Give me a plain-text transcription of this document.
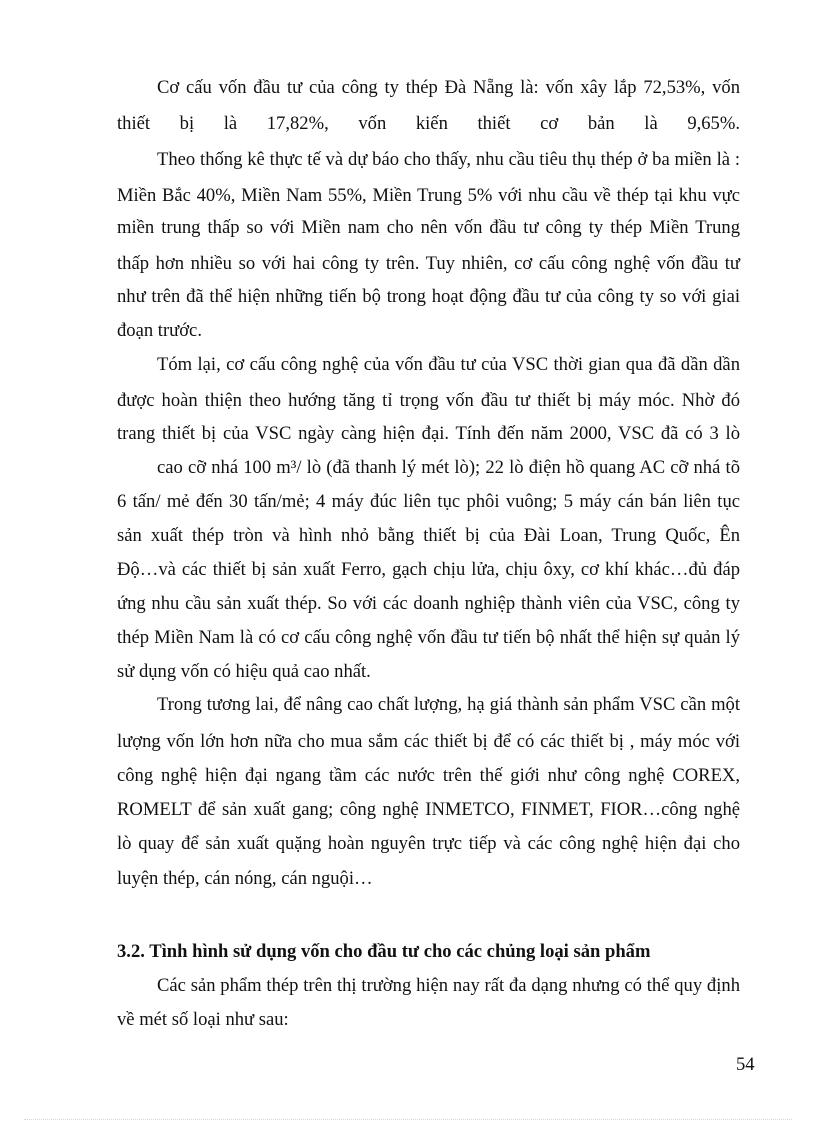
Cơ cấu vốn đầu tư của công ty thép Đà Nẵng là: vốn xây lắp 72,53%, vốn
thiết bị là 17,82%, vốn kiến thiết cơ bản là 9,65%.
Theo thống kê thực tế và dự báo cho thấy, nhu cầu tiêu thụ thép ở ba miền là :
Miền Bắc 40%, Miền Nam 55%, Miền Trung 5% với nhu cầu về thép tại khu vực
miền trung thấp so với Miền nam cho nên vốn đầu tư công ty thép Miền Trung
thấp hơn nhiều so với hai công ty trên. Tuy nhiên, cơ cấu công nghệ vốn đầu tư
như trên đã thể hiện những tiến bộ trong hoạt động đầu tư của công ty so với giai
đoạn trước.
Tóm lại, cơ cấu công nghệ của vốn đầu tư của VSC thời gian qua đã dần dần
được hoàn thiện theo hướng tăng tỉ trọng vốn đầu tư thiết bị máy móc. Nhờ đó
trang thiết bị của VSC ngày càng hiện đại. Tính đến năm 2000, VSC đã có 3 lò
cao cỡ nhá 100 m³/ lò (đã thanh lý mét lò); 22 lò điện hồ quang AC cỡ nhá tõ
6 tấn/ mẻ đến 30 tấn/mẻ; 4 máy đúc liên tục phôi vuông; 5 máy cán bán liên tục
sản xuất thép tròn và hình nhỏ bằng thiết bị của Đài Loan, Trung Quốc, Ên
Độ…và các thiết bị sản xuất Ferro, gạch chịu lửa, chịu ôxy, cơ khí khác…đủ đáp
ứng nhu cầu sản xuất thép. So với các doanh nghiệp thành viên của VSC, công ty
thép Miền Nam là có cơ cấu công nghệ vốn đầu tư tiến bộ nhất thể hiện sự quản lý
sử dụng vốn có hiệu quả cao nhất.
Trong tương lai, để nâng cao chất lượng, hạ giá thành sản phẩm VSC cần một
lượng vốn lớn hơn nữa cho mua sắm các thiết bị để có các thiết bị , máy móc với
công nghệ hiện đại ngang tầm các nước trên thế giới như công nghệ COREX,
ROMELT để sản xuất gang; công nghệ INMETCO, FINMET, FIOR…công nghệ
lò quay để sản xuất quặng hoàn nguyên trực tiếp và các công nghệ hiện đại cho
luyện thép, cán nóng, cán nguội…
3.2. Tình hình sử dụng vốn cho đầu tư cho các chủng loại sản phẩm
Các sản phẩm thép trên thị trường hiện nay rất đa dạng nhưng có thể quy định
về mét số loại như sau:
54
